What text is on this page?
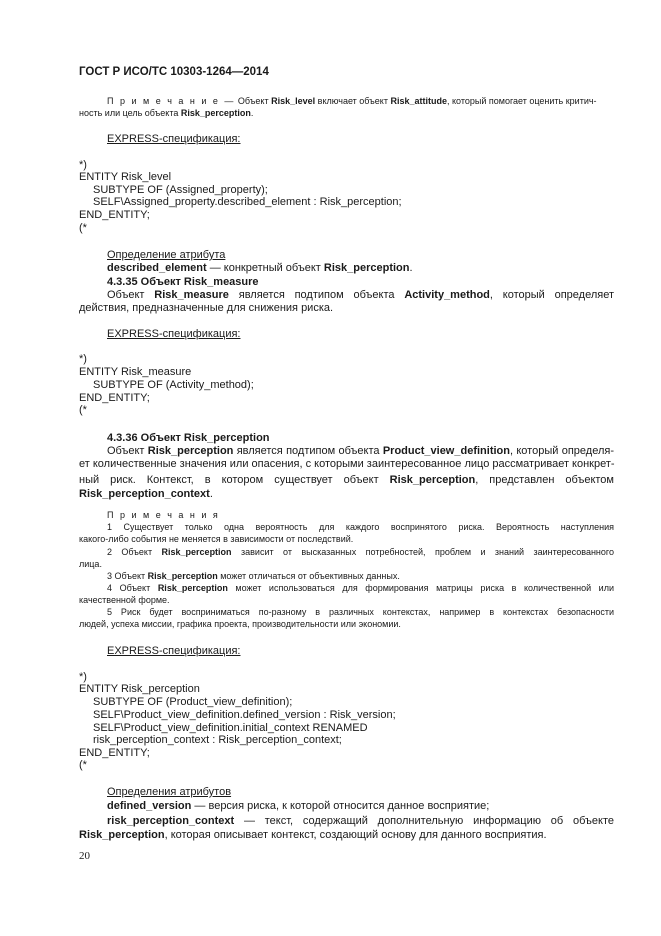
ГОСТ Р ИСО/ТС 10303-1264—2014
П р и м е ч а н и е — Объект Risk_level включает объект Risk_attitude, который помогает оценить критич-
ность или цель объекта Risk_perception.
EXPRESS-спецификация:
*)
ENTITY Risk_level
SUBTYPE OF (Assigned_property);
SELF\Assigned_property.described_element : Risk_perception;
END_ENTITY;
(*
Определение атрибута
described_element — конкретный объект Risk_perception.
4.3.35 Объект Risk_measure
Объект Risk_measure является подтипом объекта Activity_method, который определяет
действия, предназначенные для снижения риска.
EXPRESS-спецификация:
*)
ENTITY Risk_measure
SUBTYPE OF (Activity_method);
END_ENTITY;
(*
4.3.36 Объект Risk_perception
Объект Risk_perception является подтипом объекта Product_view_definition, который определя-
ет количественные значения или опасения, с которыми заинтересованное лицо рассматривает конкрет-
ный риск. Контекст, в котором существует объект Risk_perception, представлен объектом
Risk_perception_context.
П р и м е ч а н и я
1 Существует только одна вероятность для каждого воспринятого риска. Вероятность наступления
какого-либо события не меняется в зависимости от последствий.
2 Объект Risk_perception зависит от высказанных потребностей, проблем и знаний заинтересованного
лица.
3 Объект Risk_perception может отличаться от объективных данных.
4 Объект Risk_perception может использоваться для формирования матрицы риска в количественной или
качественной форме.
5 Риск будет восприниматься по-разному в различных контекстах, например в контекстах безопасности
людей, успеха миссии, графика проекта, производительности или экономии.
EXPRESS-спецификация:
*)
ENTITY Risk_perception
SUBTYPE OF (Product_view_definition);
SELF\Product_view_definition.defined_version : Risk_version;
SELF\Product_view_definition.initial_context RENAMED
risk_perception_context : Risk_perception_context;
END_ENTITY;
(*
Определения атрибутов
defined_version — версия риска, к которой относится данное восприятие;
risk_perception_context — текст, содержащий дополнительную информацию об объекте
Risk_perception, которая описывает контекст, создающий основу для данного восприятия.
20
